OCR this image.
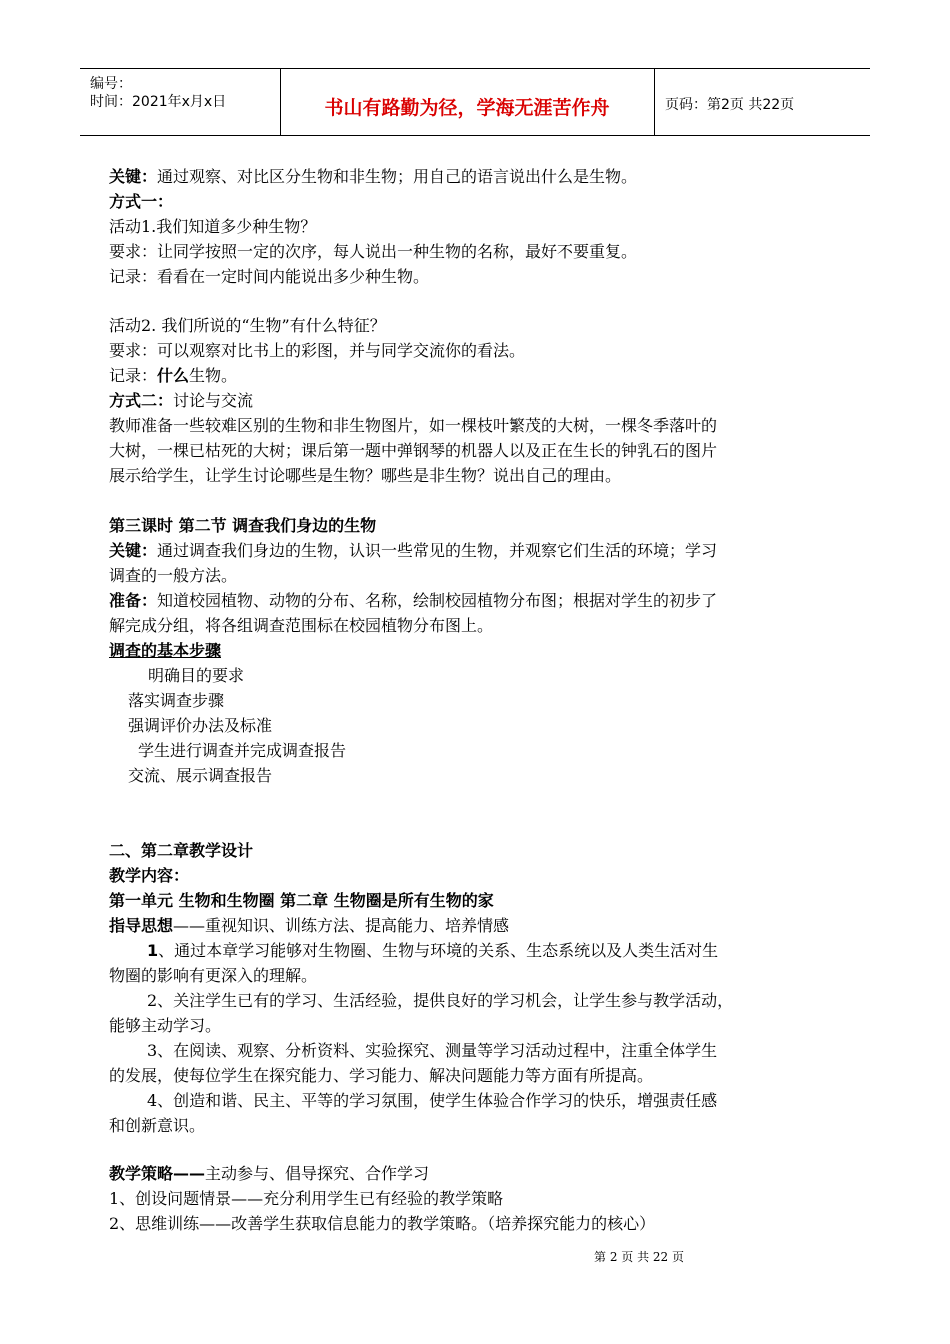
编号：
时间：2021年x月x日	书山有路勤为径，学海无涯苦作舟	页码：第2页 共22页
关键：通过观察、对比区分生物和非生物；用自己的语言说出什么是生物。
方式一：
活动1.我们知道多少种生物？
要求：让同学按照一定的次序，每人说出一种生物的名称，最好不要重复。
记录：看看在一定时间内能说出多少种生物。
活动2. 我们所说的“生物”有什么特征？
要求：可以观察对比书上的彩图，并与同学交流你的看法。
记录：什么生物。
方式二：讨论与交流
教师准备一些较难区别的生物和非生物图片，如一棵枝叶繁茂的大树，一棵冬季落叶的
大树，一棵已枯死的大树；课后第一题中弹钢琴的机器人以及正在生长的钟乳石的图片
展示给学生，让学生讨论哪些是生物？哪些是非生物？说出自己的理由。
第三课时 第二节 调查我们身边的生物
关键：通过调查我们身边的生物，认识一些常见的生物，并观察它们生活的环境；学习
调查的一般方法。
准备：知道校园植物、动物的分布、名称，绘制校园植物分布图；根据对学生的初步了
解完成分组，将各组调查范围标在校园植物分布图上。
调查的基本步骤
明确目的要求
落实调查步骤
强调评价办法及标准
学生进行调查并完成调查报告
交流、展示调查报告
二、第二章教学设计
教学内容：
第一单元 生物和生物圈 第二章 生物圈是所有生物的家
指导思想——重视知识、训练方法、提高能力、培养情感
1、通过本章学习能够对生物圈、生物与环境的关系、生态系统以及人类生活对生
物圈的影响有更深入的理解。
2、关注学生已有的学习、生活经验，提供良好的学习机会，让学生参与教学活动，
能够主动学习。
3、在阅读、观察、分析资料、实验探究、测量等学习活动过程中，注重全体学生
的发展，使每位学生在探究能力、学习能力、解决问题能力等方面有所提高。
4、创造和谐、民主、平等的学习氛围，使学生体验合作学习的快乐，增强责任感
和创新意识。
教学策略——主动参与、倡导探究、合作学习
1、创设问题情景——充分利用学生已有经验的教学策略
2、思维训练——改善学生获取信息能力的教学策略。（培养探究能力的核心）
第 2 页 共 22 页
